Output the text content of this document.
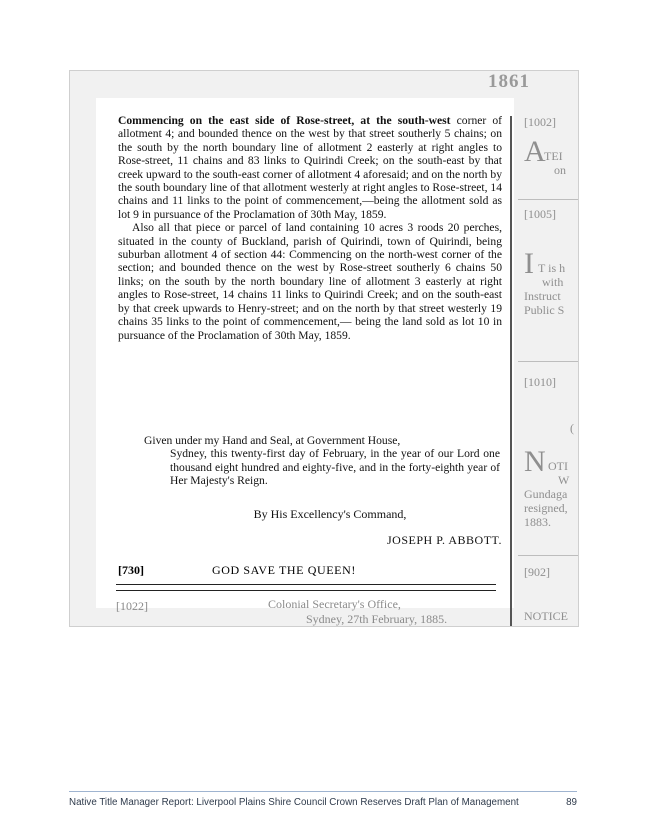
1861

Commencing on the east side of Rose-street, at the south-west corner of allotment 4; and bounded thence on the west by that street southerly 5 chains; on the south by the north boundary line of allotment 2 easterly at right angles to Rose-street, 11 chains and 83 links to Quirindi Creek; on the south-east by that creek upward to the south-east corner of allotment 4 aforesaid; and on the north by the south boundary line of that allotment westerly at right angles to Rose-street, 14 chains and 11 links to the point of commencement,—being the allotment sold as lot 9 in pursuance of the Proclamation of 30th May, 1859.

Also all that piece or parcel of land containing 10 acres 3 roods 20 perches, situated in the county of Buckland, parish of Quirindi, town of Quirindi, being suburban allotment 4 of section 44: Commencing on the north-west corner of the section; and bounded thence on the west by Rose-street southerly 6 chains 50 links; on the south by the north boundary line of allotment 3 easterly at right angles to Rose-street, 14 chains 11 links to Quirindi Creek; and on the south-east by that creek upwards to Henry-street; and on the north by that street westerly 19 chains 35 links to the point of commencement,— being the land sold as lot 10 in pursuance of the Proclamation of 30th May, 1859.

Given under my Hand and Seal, at Government House,
Sydney, this twenty-first day of February, in the year of our Lord one thousand eight hundred and eighty-five, and in the forty-eighth year of Her Majesty's Reign.
By His Excellency's Command,
JOSEPH P. ABBOTT.
[730]	GOD SAVE THE QUEEN!
[1022]	Colonial Secretary's Office,
Sydney, 27th February, 1885.
[1002]
A
TEI
on
[1005]
I T is h
with
Instruct
Public S
[1010]
(
N OTI
W
Gundaga
resigned,
1883.
[902]
NOTICE
Native Title Manager Report: Liverpool Plains Shire Council Crown Reserves Draft Plan of Management	89
